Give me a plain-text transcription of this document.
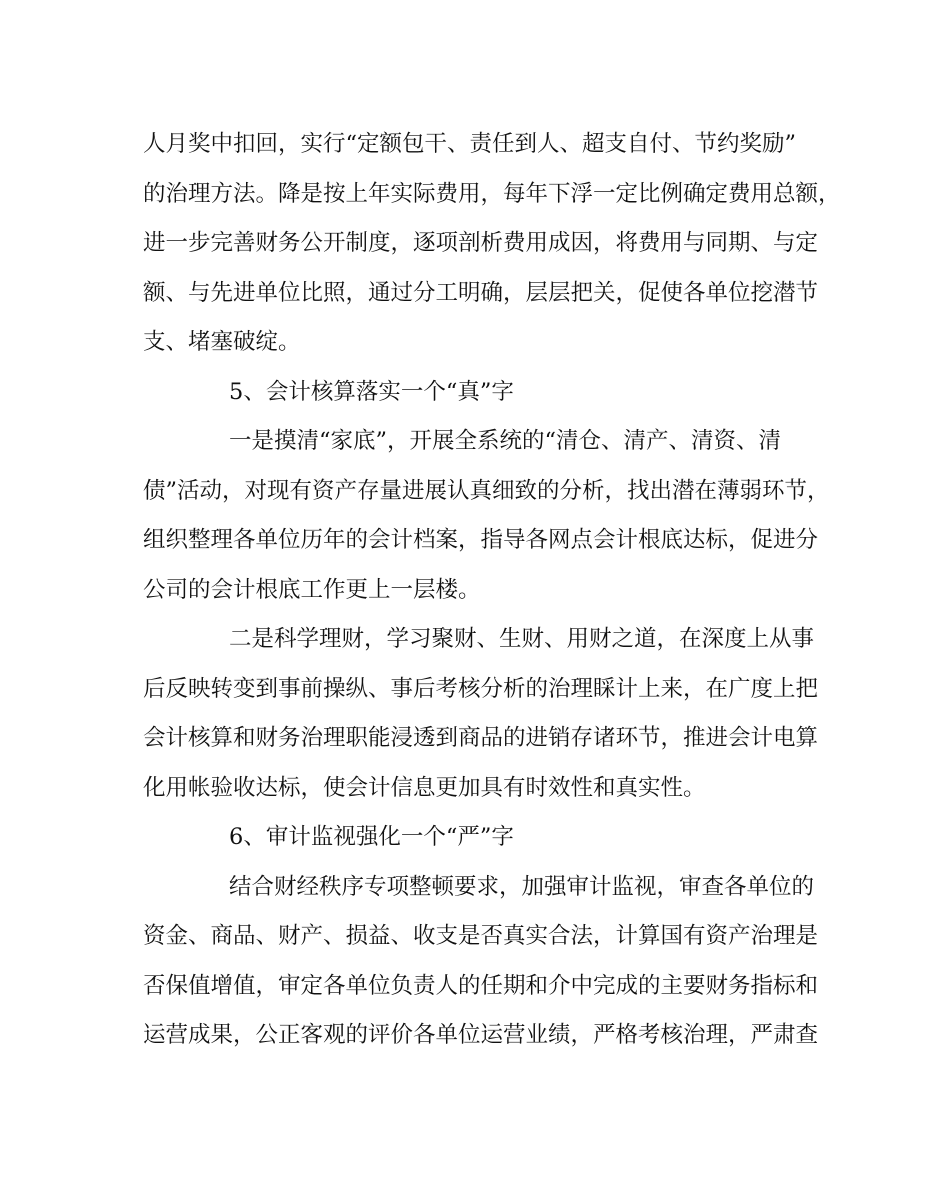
人月奖中扣回，实行“定额包干、责任到人、超支自付、节约奖励”
的治理方法。降是按上年实际费用，每年下浮一定比例确定费用总额，
进一步完善财务公开制度，逐项剖析费用成因，将费用与同期、与定
额、与先进单位比照，通过分工明确，层层把关，促使各单位挖潜节
支、堵塞破绽。
5、会计核算落实一个“真”字
一是摸清“家底”，开展全系统的“清仓、清产、清资、清
债”活动，对现有资产存量进展认真细致的分析，找出潜在薄弱环节，
组织整理各单位历年的会计档案，指导各网点会计根底达标，促进分
公司的会计根底工作更上一层楼。
二是科学理财，学习聚财、生财、用财之道，在深度上从事
后反映转变到事前操纵、事后考核分析的治理睬计上来，在广度上把
会计核算和财务治理职能浸透到商品的进销存诸环节，推进会计电算
化用帐验收达标，使会计信息更加具有时效性和真实性。
6、审计监视强化一个“严”字
结合财经秩序专项整顿要求，加强审计监视，审查各单位的
资金、商品、财产、损益、收支是否真实合法，计算国有资产治理是
否保值增值，审定各单位负责人的任期和介中完成的主要财务指标和
运营成果，公正客观的评价各单位运营业绩，严格考核治理，严肃查
